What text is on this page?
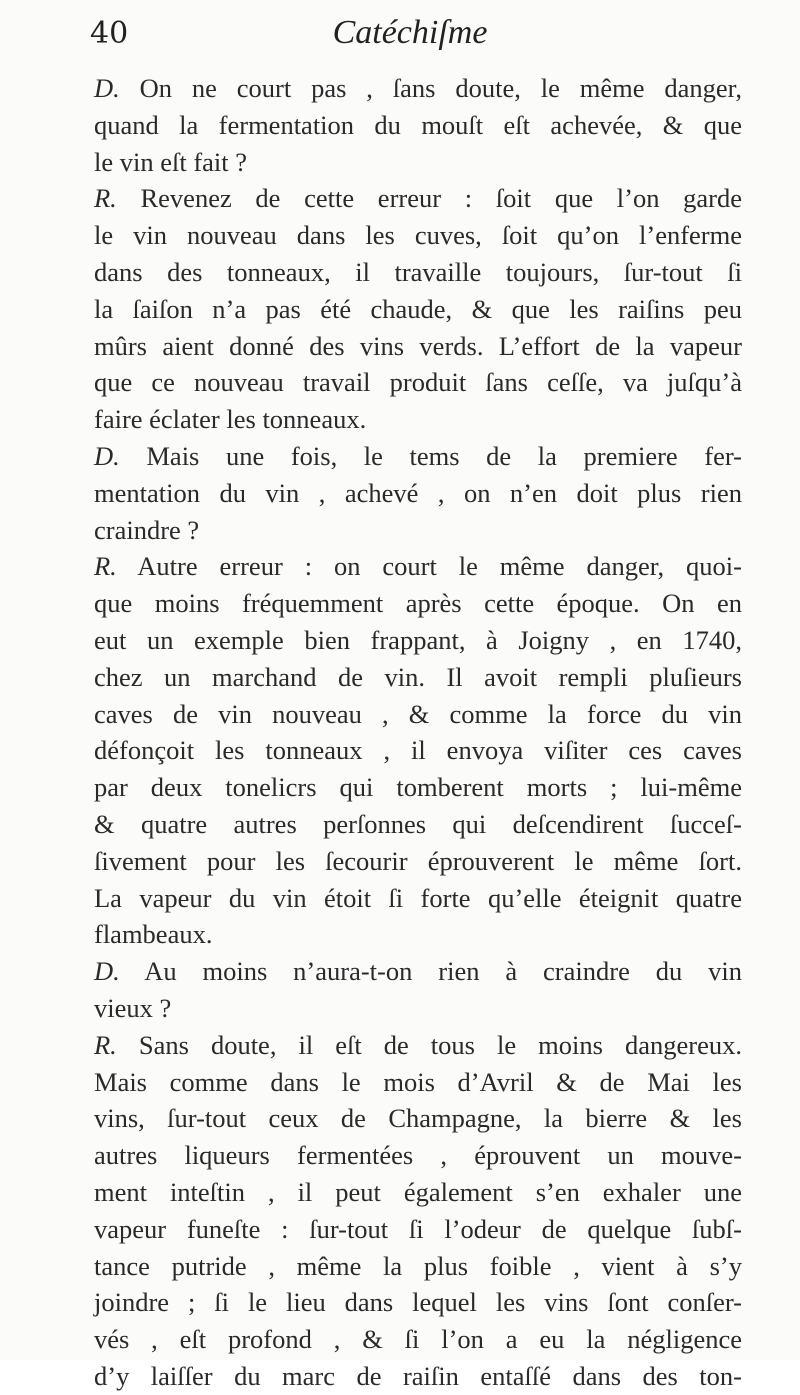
40	Catéchiſme
D. On ne court pas , ſans doute, le même danger,
quand la fermentation du mouſt eſt achevée, & que
le vin eſt fait ?
R. Revenez de cette erreur : ſoit que l’on garde
le vin nouveau dans les cuves, ſoit qu’on l’enferme
dans des tonneaux, il travaille toujours, ſur-tout ſi
la ſaiſon n’a pas été chaude, & que les raiſins peu
mûrs aient donné des vins verds. L’effort de la vapeur
que ce nouveau travail produit ſans ceſſe, va juſqu’à
faire éclater les tonneaux.
D. Mais une fois, le tems de la premiere fer-
mentation du vin , achevé , on n’en doit plus rien
craindre ?
R. Autre erreur : on court le même danger, quoi-
que moins fréquemment après cette époque. On en
eut un exemple bien frappant, à Joigny , en 1740,
chez un marchand de vin. Il avoit rempli pluſieurs
caves de vin nouveau , & comme la force du vin
défonçoit les tonneaux , il envoya viſiter ces caves
par deux tonelicrs qui tomberent morts ; lui-même
& quatre autres perſonnes qui deſcendirent ſucceſ-
ſivement pour les ſecourir éprouverent le même ſort.
La vapeur du vin étoit ſi forte qu’elle éteignit quatre
flambeaux.
D. Au moins n’aura-t-on rien à craindre du vin
vieux ?
R. Sans doute, il eſt de tous le moins dangereux.
Mais comme dans le mois d’Avril & de Mai les
vins, ſur-tout ceux de Champagne, la bierre & les
autres liqueurs fermentées , éprouvent un mouve-
ment inteſtin , il peut également s’en exhaler une
vapeur funeſte : ſur-tout ſi l’odeur de quelque ſubſ-
tance putride , même la plus foible , vient à s’y
joindre ; ſi le lieu dans lequel les vins ſont conſer-
vés , eſt profond , & ſi l’on a eu la négligence
d’y laiſſer du marc de raiſin entaſſé dans des ton-
